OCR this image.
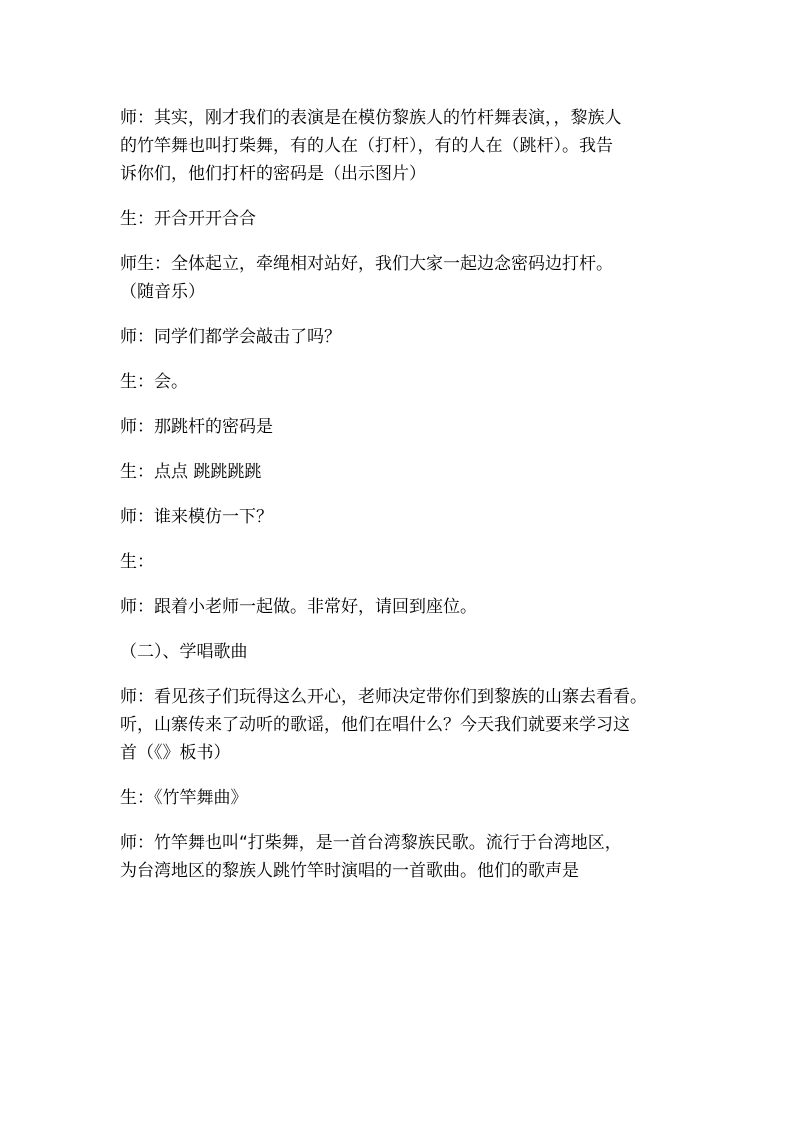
师：其实，刚才我们的表演是在模仿黎族人的竹杆舞表演，，黎族人
的竹竿舞也叫打柴舞，有的人在（打杆），有的人在（跳杆）。我告
诉你们，他们打杆的密码是（出示图片）

生：开合开开合合

师生：全体起立，牵绳相对站好，我们大家一起边念密码边打杆。
（随音乐）

师：同学们都学会敲击了吗？

生：会。

师：那跳杆的密码是

生：点点 跳跳跳跳

师：谁来模仿一下？

生：

师：跟着小老师一起做。非常好，请回到座位。

（二）、学唱歌曲

师：看见孩子们玩得这么开心，老师决定带你们到黎族的山寨去看看。
听，山寨传来了动听的歌谣，他们在唱什么？今天我们就要来学习这
首（《》板书）

生：《竹竿舞曲》

师：竹竿舞也叫“打柴舞，是一首台湾黎族民歌。流行于台湾地区，
为台湾地区的黎族人跳竹竿时演唱的一首歌曲。他们的歌声是
